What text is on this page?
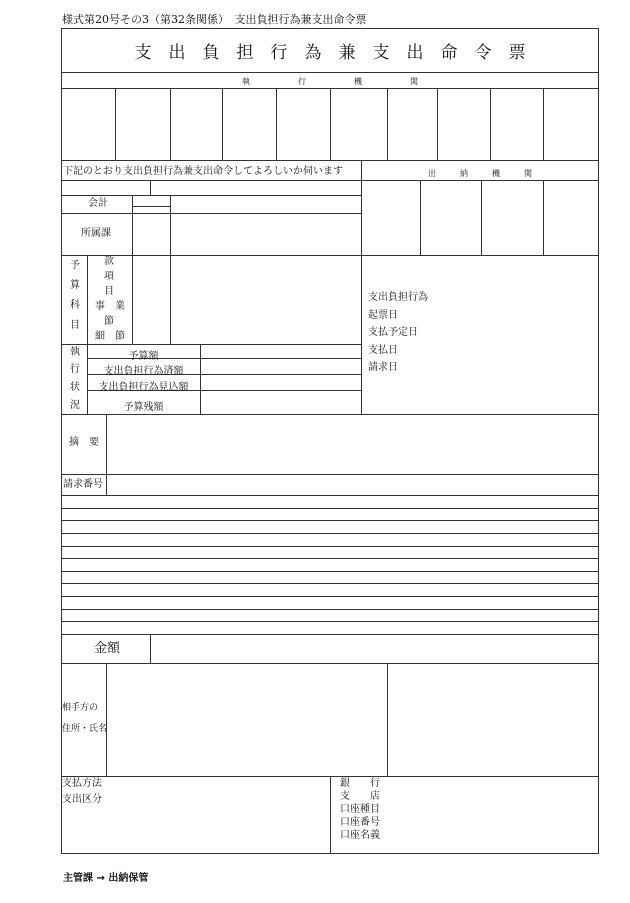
様式第20号その3（第32条関係）　支出負担行為兼支出命令票
支　出　負　担　行　為　兼　支　出　命　令　票
執　　　　　　行　　　　　　機　　　　　　関
下記のとおり支出負担行為兼支出命令してよろしいか伺います	出　　　納　　　機　　　関
会計
所属課
予
算
科
目
款
項
目
事　業
節
細　節
支出負担行為
起票日
支払予定日
支払日
請求日
執
行
状
況
予算額
支出負担行為済額
支出負担行為見込額
予算残額
摘　要
請求番号
金額
相手方の
住所・氏名
支払方法
支出区分
銀　　行
支　　店
口座種目
口座番号
口座名義
主管課 → 出納保管
